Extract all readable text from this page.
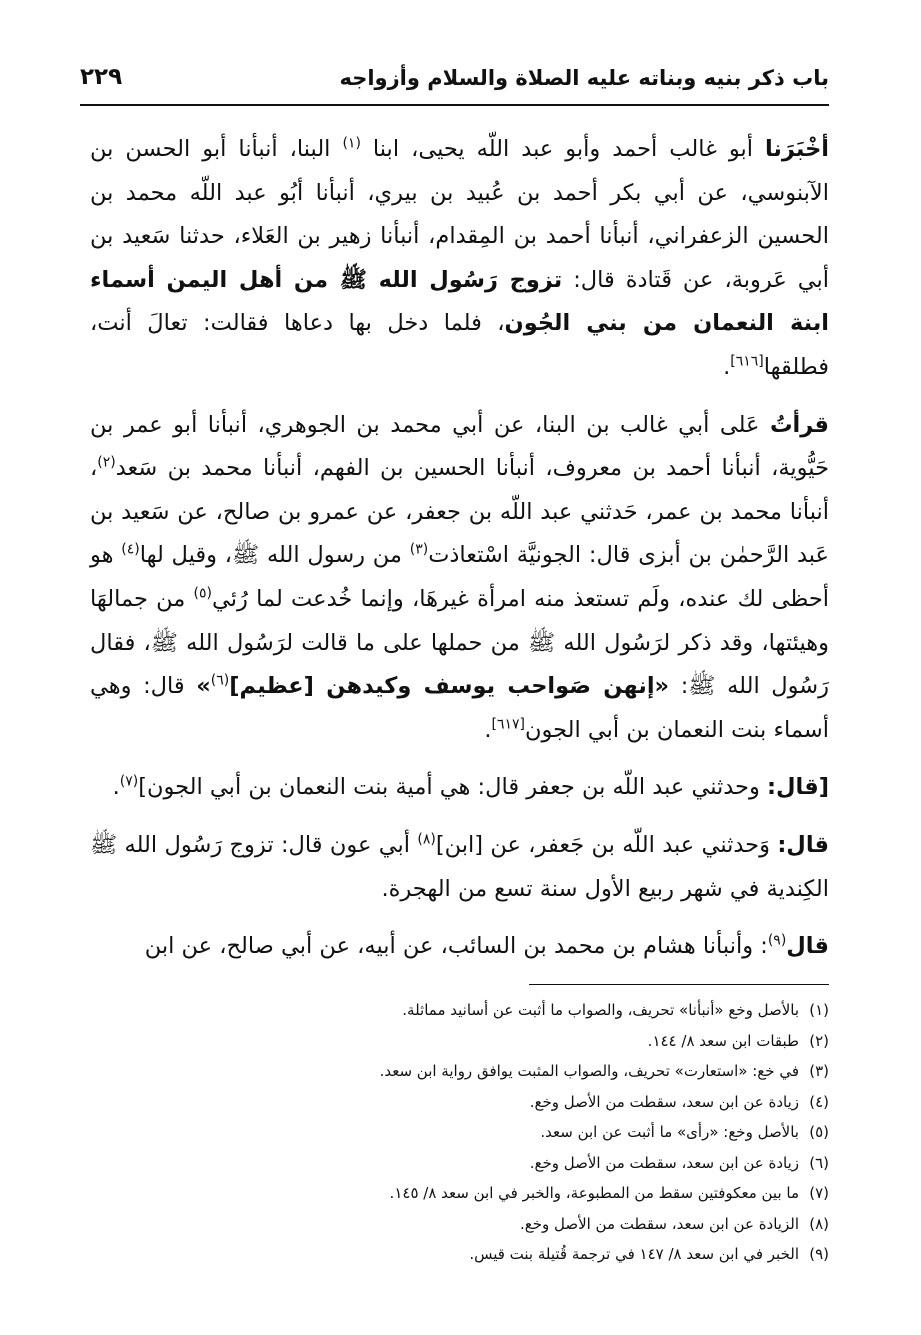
باب ذكر بنيه وبناته عليه الصلاة والسلام وأزواجه
٢٢٩

أخْبَرَنا أبو غالب أحمد وأبو عبد اللّه يحيى، ابنا $^{(١)}$ البنا، أنبأنا أبو الحسن بن الآبنوسي، عن أبي بكر أحمد بن عُبيد بن بيري، أنبأنا أبُو عبد اللّه محمد بن الحسين الزعفراني، أنبأنا أحمد بن المِقدام، أنبأنا زهير بن العَلاء، حدثنا سَعيد بن أبي عَروبة، عن قَتادة قال: تزوج رَسُول الله ﷺ من أهل اليمن أسماء ابنة النعمان من بني الجُون، فلما دخل بها دعاها فقالت: تعالَ أنت، فطلقها[٦١٦].

قرأتُ عَلى أبي غالب بن البنا، عن أبي محمد بن الجوهري، أنبأنا أبو عمر بن حَيُّوية، أنبأنا أحمد بن معروف، أنبأنا الحسين بن الفهم، أنبأنا محمد بن سَعد$^{(٢)}$، أنبأنا محمد بن عمر، حَدثني عبد اللّه بن جعفر، عن عمرو بن صالح، عن سَعيد بن عَبد الرَّحمٰن بن أبزى قال: الجونيَّة اسْتعاذت$^{(٣)}$ من رسول الله ﷺ، وقيل لها$^{(٤)}$ هو أحظى لك عنده، ولَم تستعذ منه امرأة غيرهَا، وإنما خُدعت لما رُئي$^{(٥)}$ من جمالهَا وهيئتها، وقد ذكر لرَسُول الله ﷺ من حملها على ما قالت لرَسُول الله ﷺ، فقال رَسُول الله ﷺ: «إنهن صَواحب يوسف وكيدهن [عظيم]$^{(٦)}$» قال: وهي أسماء بنت النعمان بن أبي الجون[٦١٧].

[قال: وحدثني عبد اللّه بن جعفر قال: هي أمية بنت النعمان بن أبي الجون]$^{(٧)}$.

قال: وَحدثني عبد اللّه بن جَعفر، عن [ابن]$^{(٨)}$ أبي عون قال: تزوج رَسُول الله ﷺ الكِندية في شهر ربيع الأول سنة تسع من الهجرة.

قال$^{(٩)}$: وأنبأنا هشام بن محمد بن السائب، عن أبيه، عن أبي صالح، عن ابن

(١)
بالأصل وخع «أنبأنا» تحريف، والصواب ما أثبت عن أسانيد مماثلة.
(٢)
طبقات ابن سعد ٨/ ١٤٤.
(٣)
في خع: «استعارت» تحريف، والصواب المثبت يوافق رواية ابن سعد.
(٤)
زيادة عن ابن سعد، سقطت من الأصل وخع.
(٥)
بالأصل وخع: «رأى» ما أثبت عن ابن سعد.
(٦)
زيادة عن ابن سعد، سقطت من الأصل وخع.
(٧)
ما بين معكوفتين سقط من المطبوعة، والخبر في ابن سعد ٨/ ١٤٥.
(٨)
الزيادة عن ابن سعد، سقطت من الأصل وخع.
(٩)
الخبر في ابن سعد ٨/ ١٤٧ في ترجمة قُتيلة بنت قيس.
